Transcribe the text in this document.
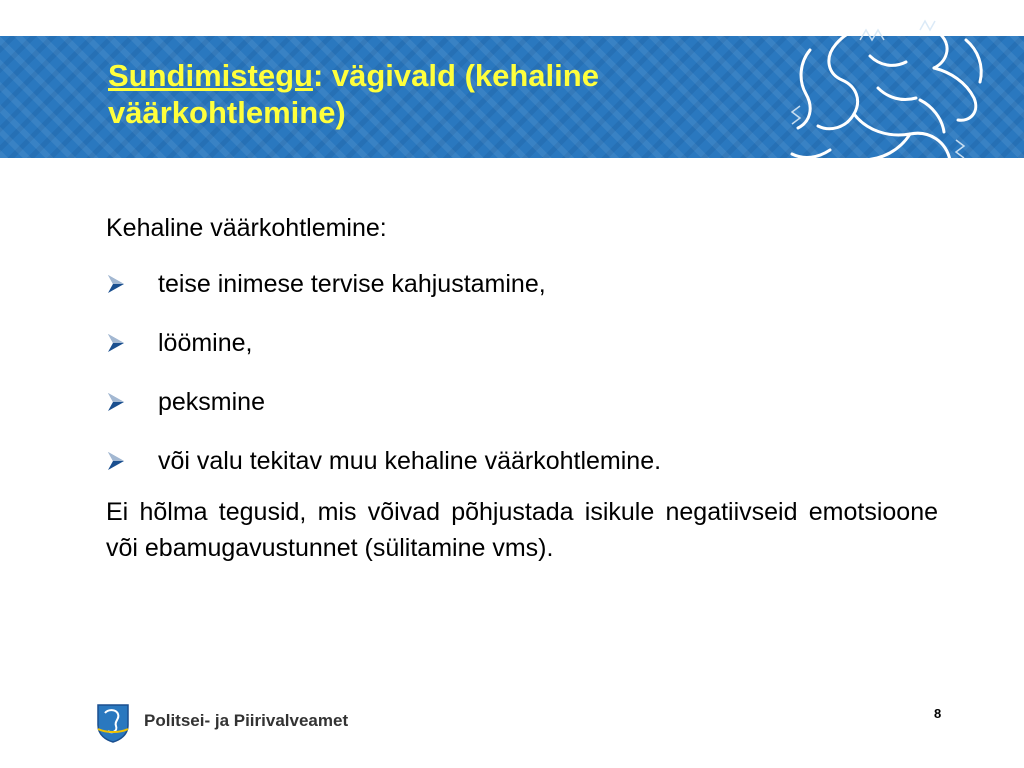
Sundimistegu: vägivald (kehaline väärkohtlemine)

Kehaline väärkohtlemine:

teise inimese tervise kahjustamine,
löömine,
peksmine
või valu tekitav muu kehaline väärkohtlemine.

Ei hõlma tegusid, mis võivad põhjustada isikule negatiivseid emotsioone või ebamugavustunnet (sülitamine vms).

Politsei- ja Piirivalveamet	8
